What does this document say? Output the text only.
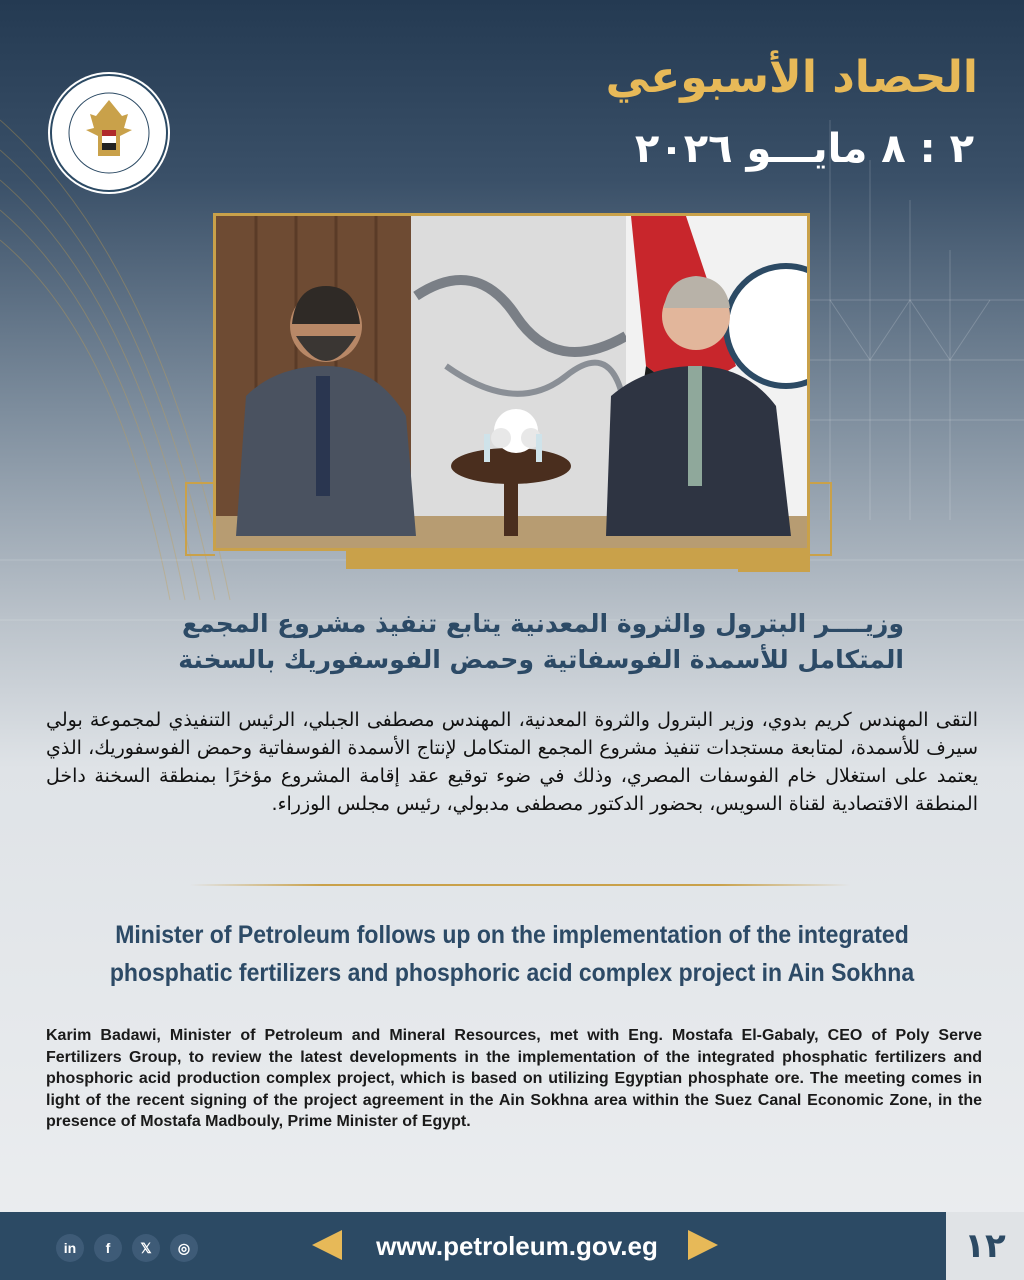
الحصاد الأسبوعي
٢ : ٨ مايـــو ٢٠٢٦
وزيــــر البترول والثروة المعدنية يتابع تنفيذ مشروع المجمع المتكامل للأسمدة الفوسفاتية وحمض الفوسفوريك بالسخنة

التقى المهندس كريم بدوي، وزير البترول والثروة المعدنية، المهندس مصطفى الجبلي، الرئيس التنفيذي لمجموعة بولي سيرف للأسمدة، لمتابعة مستجدات تنفيذ مشروع المجمع المتكامل لإنتاج الأسمدة الفوسفاتية وحمض الفوسفوريك، الذي يعتمد على استغلال خام الفوسفات المصري، وذلك في ضوء توقيع عقد إقامة المشروع مؤخرًا بمنطقة السخنة داخل المنطقة الاقتصادية لقناة السويس، بحضور الدكتور مصطفى مدبولي، رئيس مجلس الوزراء.

Minister of Petroleum follows up on the implementation of the integrated phosphatic fertilizers and phosphoric acid complex project in Ain Sokhna

Karim Badawi, Minister of Petroleum and Mineral Resources, met with Eng. Mostafa El-Gabaly, CEO of Poly Serve Fertilizers Group, to review the latest developments in the implementation of the integrated phosphatic fertilizers and phosphoric acid production complex project, which is based on utilizing Egyptian phosphate ore. The meeting comes in light of the recent signing of the project agreement in the Ain Sokhna area within the Suez Canal Economic Zone, in the presence of Mostafa Madbouly, Prime Minister of Egypt.

in	f	𝕏	◎	www.petroleum.gov.eg	١٢
